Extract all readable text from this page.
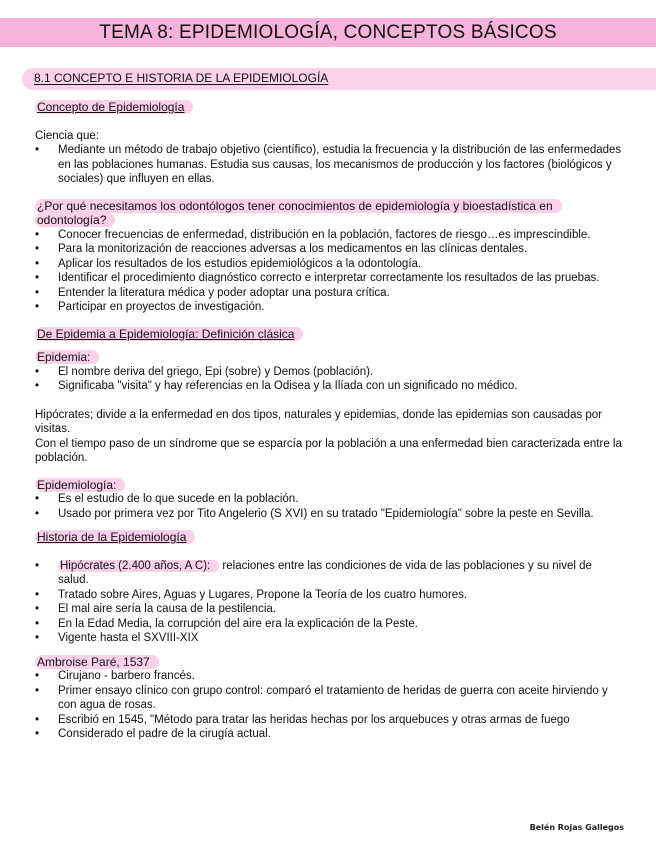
TEMA 8: EPIDEMIOLOGÍA, CONCEPTOS BÁSICOS
8.1 CONCEPTO E HISTORIA DE LA EPIDEMIOLOGÍA

Concepto de Epidemiología

Ciencia que:

• Mediante un método de trabajo objetivo (científico), estudia la frecuencia y la distribución de las enfermedades en las poblaciones humanas. Estudia sus causas, los mecanismos de producción y los factores (biológicos y sociales) que influyen en ellas.

¿Por qué necesitamos los odontólogos tener conocimientos de epidemiología y bioestadística en odontología?

• Conocer frecuencias de enfermedad, distribución en la población, factores de riesgo…es imprescindible.
• Para la monitorización de reacciones adversas a los medicamentos en las clínicas dentales.
• Aplicar los resultados de los estudios epidemiológicos a la odontología.
• Identificar el procedimiento diagnóstico correcto e interpretar correctamente los resultados de las pruebas.
• Entender la literatura médica y poder adoptar una postura crítica.
• Participar en proyectos de investigación.

De Epidemia a Epidemiología: Definición clásica

Epidemia:

• El nombre deriva del griego, Epi (sobre) y Demos (población).
• Significaba "visita" y hay referencias en la Odisea y la Ilíada con un significado no médico.

Hipócrates; divide a la enfermedad en dos tipos, naturales y epidemias, donde las epidemias son causadas por visitas.

Con el tiempo paso de un síndrome que se esparcía por la población a una enfermedad bien caracterizada entre la población.

Epidemiología:

• Es el estudio de lo que sucede en la población.
• Usado por primera vez por Tito Angelerio (S XVI) en su tratado "Epidemiología" sobre la peste en Sevilla.

Historia de la Epidemiología

• Hipócrates (2.400 años, A C): relaciones entre las condiciones de vida de las poblaciones y su nivel de salud.
• Tratado sobre Aires, Aguas y Lugares, Propone la Teoría de los cuatro humores.
• El mal aire sería la causa de la pestilencia.
• En la Edad Media, la corrupción del aire era la explicación de la Peste.
• Vigente hasta el SXVIII-XIX

Ambroise Paré, 1537

• Cirujano - barbero francés.
• Primer ensayo clínico con grupo control: comparó el tratamiento de heridas de guerra con aceite hirviendo y con agua de rosas.
• Escribió en 1545, "Método para tratar las heridas hechas por los arquebuces y otras armas de fuego
• Considerado el padre de la cirugía actual.
Belén Rojas Gallegos
